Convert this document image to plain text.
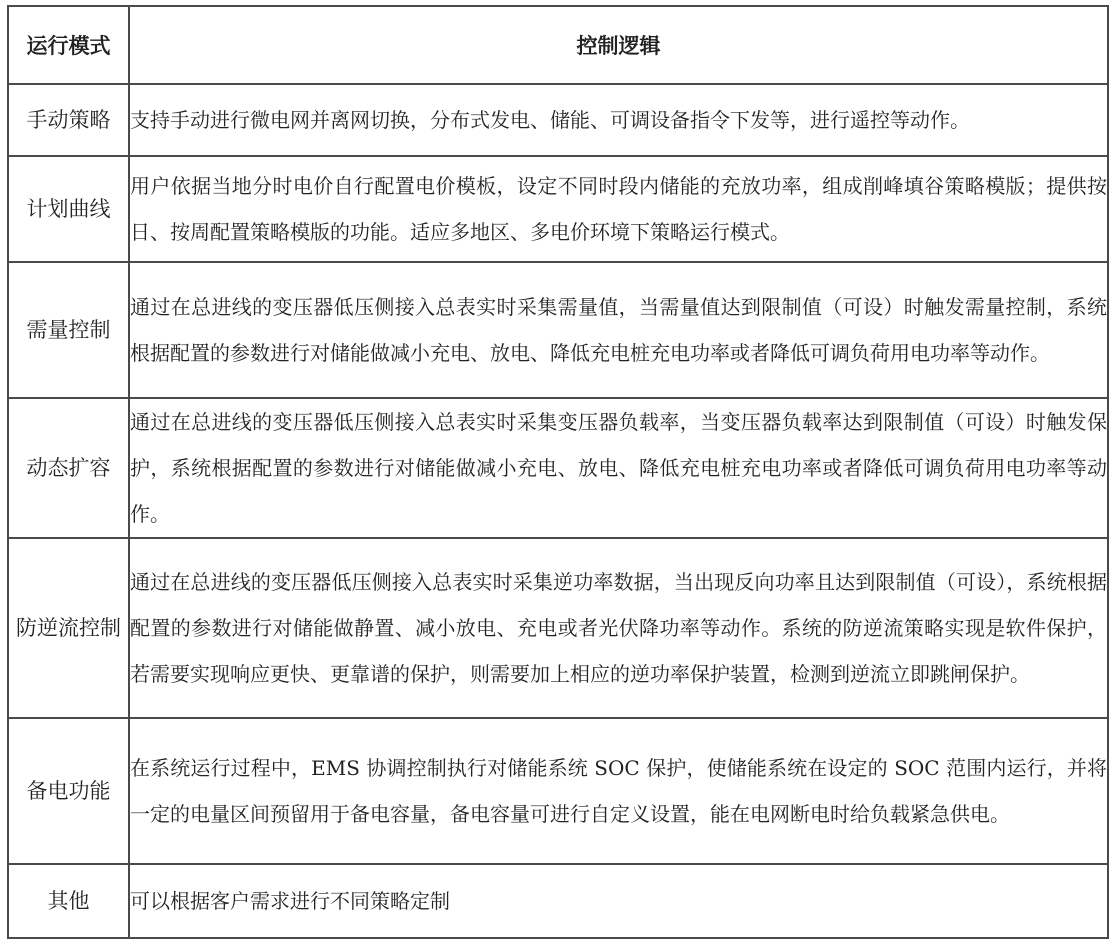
运行模式	控制逻辑
手动策略	支持手动进行微电网并离网切换，分布式发电、储能、可调设备指令下发等，进行遥控等动作。
计划曲线	用户依据当地分时电价自行配置电价模板，设定不同时段内储能的充放功率，组成削峰填谷策略模版；提供按日、按周配置策略模版的功能。适应多地区、多电价环境下策略运行模式。
需量控制	通过在总进线的变压器低压侧接入总表实时采集需量值，当需量值达到限制值（可设）时触发需量控制，系统根据配置的参数进行对储能做减小充电、放电、降低充电桩充电功率或者降低可调负荷用电功率等动作。
动态扩容	通过在总进线的变压器低压侧接入总表实时采集变压器负载率，当变压器负载率达到限制值（可设）时触发保护，系统根据配置的参数进行对储能做减小充电、放电、降低充电桩充电功率或者降低可调负荷用电功率等动作。
防逆流控制	通过在总进线的变压器低压侧接入总表实时采集逆功率数据，当出现反向功率且达到限制值（可设），系统根据配置的参数进行对储能做静置、减小放电、充电或者光伏降功率等动作。系统的防逆流策略实现是软件保护，若需要实现响应更快、更靠谱的保护，则需要加上相应的逆功率保护装置，检测到逆流立即跳闸保护。
备电功能	在系统运行过程中，EMS 协调控制执行对储能系统 SOC 保护，使储能系统在设定的 SOC 范围内运行，并将一定的电量区间预留用于备电容量，备电容量可进行自定义设置，能在电网断电时给负载紧急供电。
其他	可以根据客户需求进行不同策略定制
